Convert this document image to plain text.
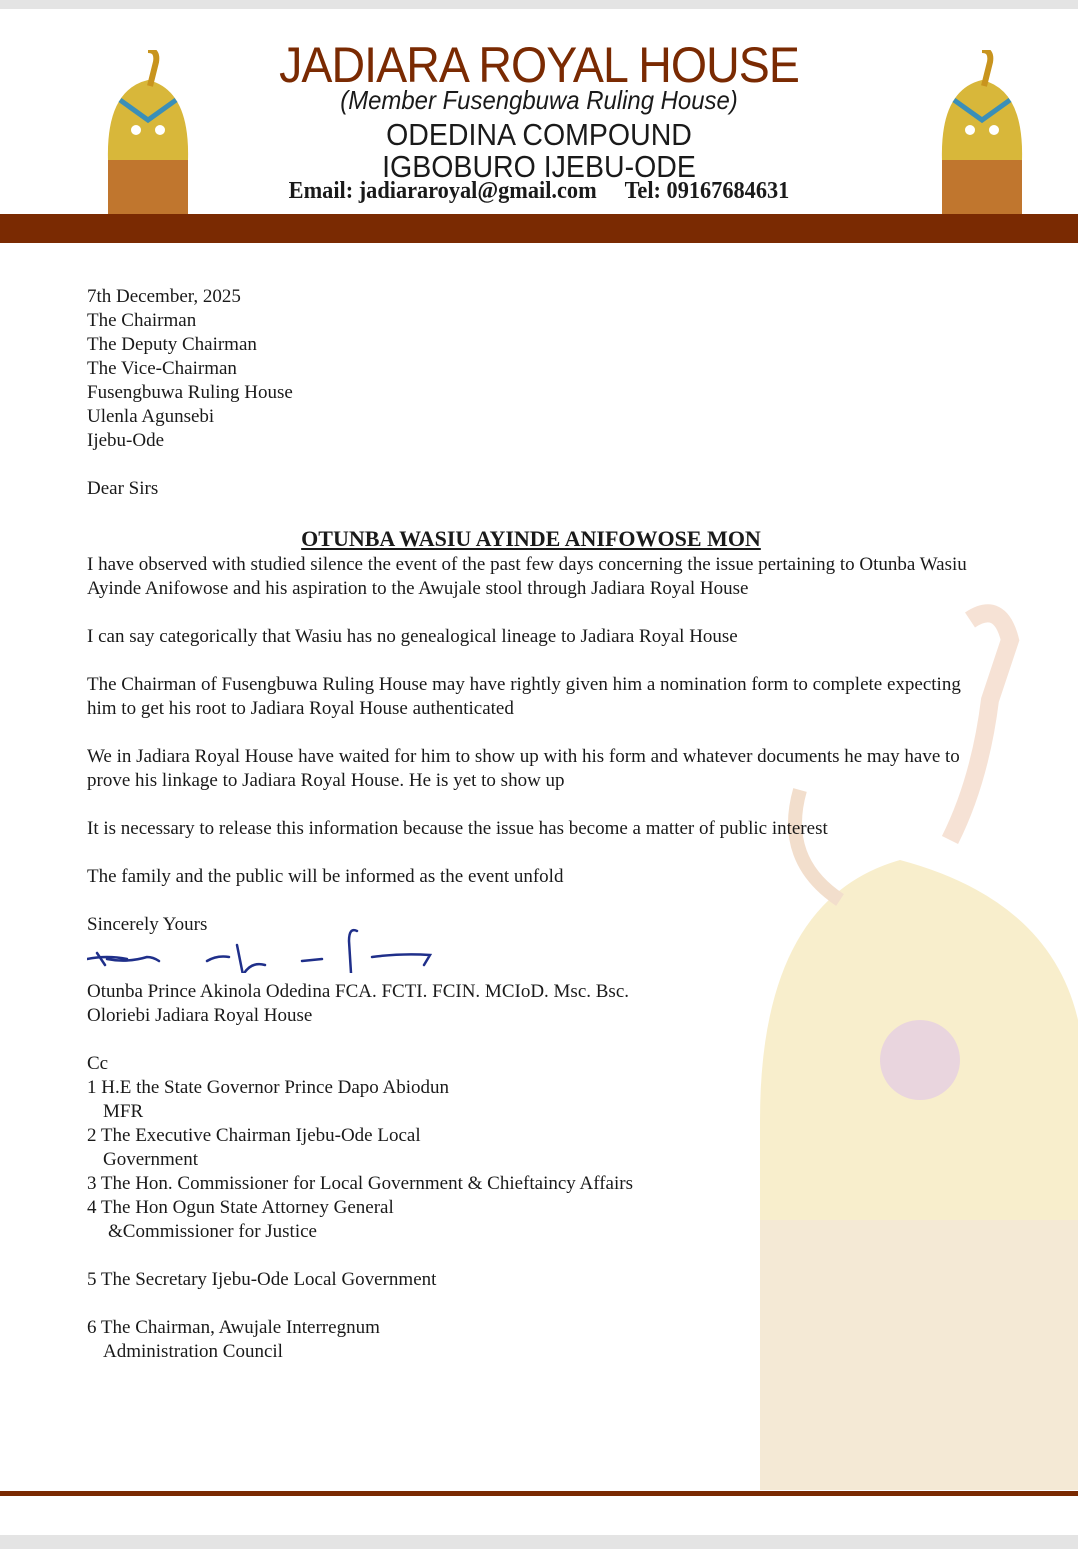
JADIARA ROYAL HOUSE
(Member Fusengbuwa Ruling House)
ODEDINA COMPOUND
IGBOBURO IJEBU-ODE
Email: jadiararoyal@gmail.com Tel: 09167684631

7th December, 2025
The Chairman
The Deputy Chairman
The Vice-Chairman
Fusengbuwa Ruling House
Ulenla Agunsebi
Ijebu-Ode

Dear Sirs

OTUNBA WASIU AYINDE ANIFOWOSE MON

I have observed with studied silence the event of the past few days concerning the issue pertaining to Otunba Wasiu Ayinde Anifowose and his aspiration to the Awujale stool through Jadiara Royal House

I can say categorically that Wasiu has no genealogical lineage to Jadiara Royal House

The Chairman of Fusengbuwa Ruling House may have rightly given him a nomination form to complete expecting him to get his root to Jadiara Royal House authenticated

We in Jadiara Royal House have waited for him to show up with his form and whatever documents he may have to prove his linkage to Jadiara Royal House. He is yet to show up

It is necessary to release this information because the issue has become a matter of public interest

The family and the public will be informed as the event unfold

Sincerely Yours
Otunba Prince Akinola Odedina FCA. FCTI. FCIN. MCIoD. Msc. Bsc.

Oloriebi Jadiara Royal House

Cc
1 H.E the State Governor Prince Dapo Abiodun
MFR
2 The Executive Chairman Ijebu-Ode Local
Government
3 The Hon. Commissioner for Local Government & Chieftaincy Affairs

4 The Hon Ogun State Attorney General
&Commissioner for Justice

5 The Secretary Ijebu-Ode Local Government

6 The Chairman, Awujale Interregnum
Administration Council
